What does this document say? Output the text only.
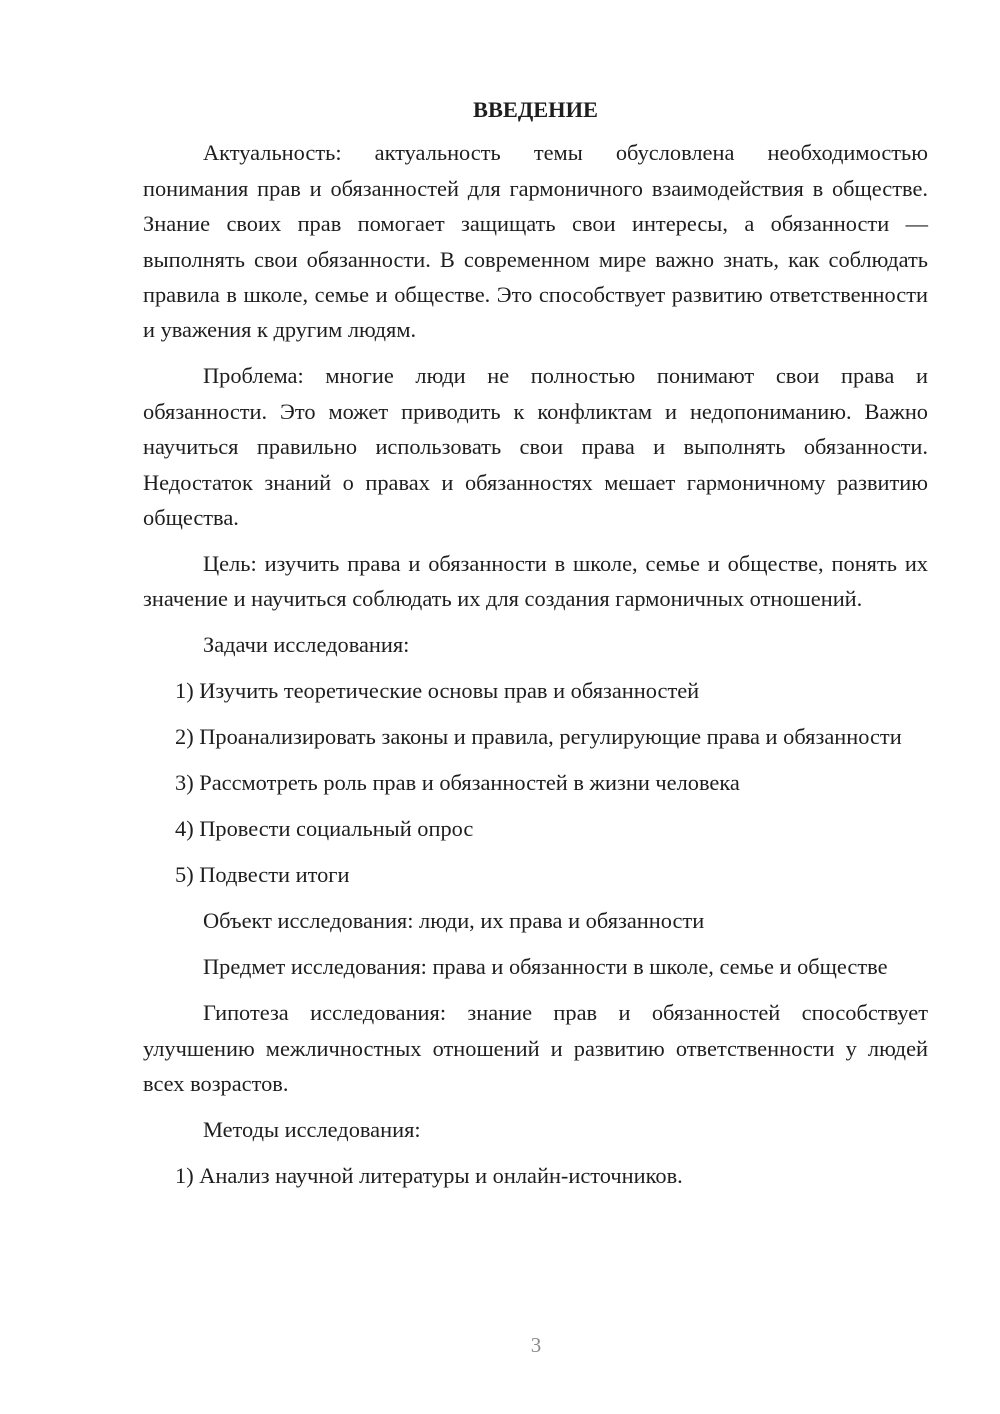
ВВЕДЕНИЕ

Актуальность: актуальность темы обусловлена необходимостью понимания прав и обязанностей для гармоничного взаимодействия в обществе. Знание своих прав помогает защищать свои интересы, а обязанности — выполнять свои обязанности. В современном мире важно знать, как соблюдать правила в школе, семье и обществе. Это способствует развитию ответственности и уважения к другим людям.

Проблема: многие люди не полностью понимают свои права и обязанности. Это может приводить к конфликтам и недопониманию. Важно научиться правильно использовать свои права и выполнять обязанности. Недостаток знаний о правах и обязанностях мешает гармоничному развитию общества.

Цель: изучить права и обязанности в школе, семье и обществе, понять их значение и научиться соблюдать их для создания гармоничных отношений.

Задачи исследования:

1) Изучить теоретические основы прав и обязанностей

2) Проанализировать законы и правила, регулирующие права и обязанности

3) Рассмотреть роль прав и обязанностей в жизни человека

4) Провести социальный опрос

5) Подвести итоги

Объект исследования: люди, их права и обязанности

Предмет исследования: права и обязанности в школе, семье и обществе

Гипотеза исследования: знание прав и обязанностей способствует улучшению межличностных отношений и развитию ответственности у людей всех возрастов.

Методы исследования:

1) Анализ научной литературы и онлайн-источников.

3
